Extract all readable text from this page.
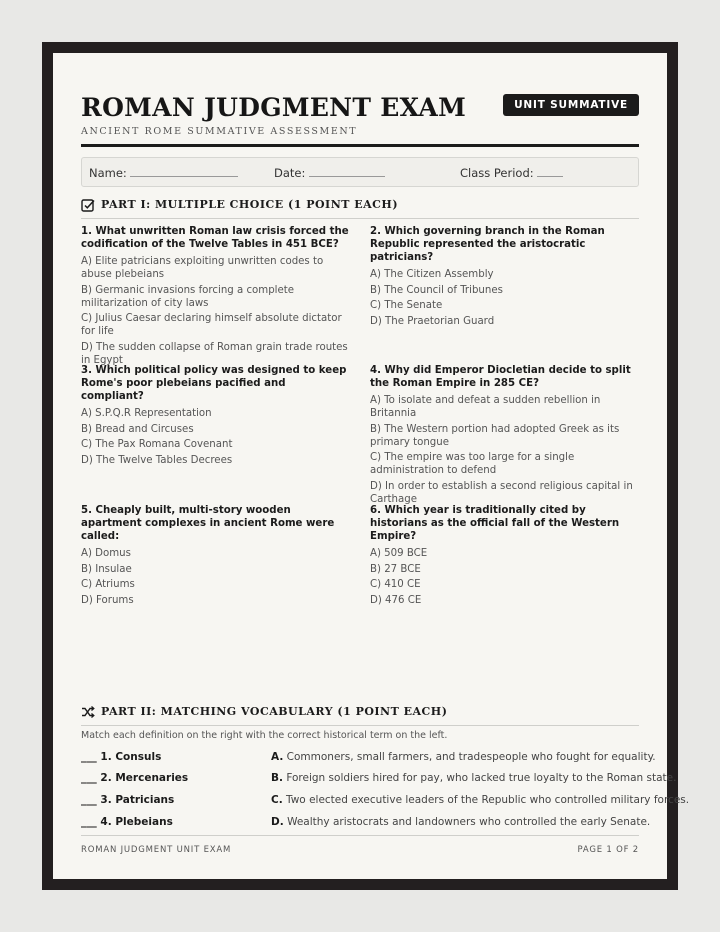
ROMAN JUDGMENT EXAM
ANCIENT ROME SUMMATIVE ASSESSMENT
UNIT SUMMATIVE
Name:	Date:	Class Period:
PART I: MULTIPLE CHOICE (1 POINT EACH)
1. What unwritten Roman law crisis forced the codification of the Twelve Tables in 451 BCE?
A) Elite patricians exploiting unwritten codes to abuse plebeians
B) Germanic invasions forcing a complete militarization of city laws
C) Julius Caesar declaring himself absolute dictator for life
D) The sudden collapse of Roman grain trade routes in Egypt
2. Which governing branch in the Roman Republic represented the aristocratic patricians?
A) The Citizen Assembly
B) The Council of Tribunes
C) The Senate
D) The Praetorian Guard
3. Which political policy was designed to keep Rome's poor plebeians pacified and compliant?
A) S.P.Q.R Representation
B) Bread and Circuses
C) The Pax Romana Covenant
D) The Twelve Tables Decrees
4. Why did Emperor Diocletian decide to split the Roman Empire in 285 CE?
A) To isolate and defeat a sudden rebellion in Britannia
B) The Western portion had adopted Greek as its primary tongue
C) The empire was too large for a single administration to defend
D) In order to establish a second religious capital in Carthage
5. Cheaply built, multi-story wooden apartment complexes in ancient Rome were called:
A) Domus
B) Insulae
C) Atriums
D) Forums
6. Which year is traditionally cited by historians as the official fall of the Western Empire?
A) 509 BCE
B) 27 BCE
C) 410 CE
D) 476 CE
PART II: MATCHING VOCABULARY (1 POINT EACH)
Match each definition on the right with the correct historical term on the left.
___ 1. Consuls	A. Commoners, small farmers, and tradespeople who fought for equality.
___ 2. Mercenaries	B. Foreign soldiers hired for pay, who lacked true loyalty to the Roman state.
___ 3. Patricians	C. Two elected executive leaders of the Republic who controlled military forces.
___ 4. Plebeians	D. Wealthy aristocrats and landowners who controlled the early Senate.
ROMAN JUDGMENT UNIT EXAM	PAGE 1 OF 2
